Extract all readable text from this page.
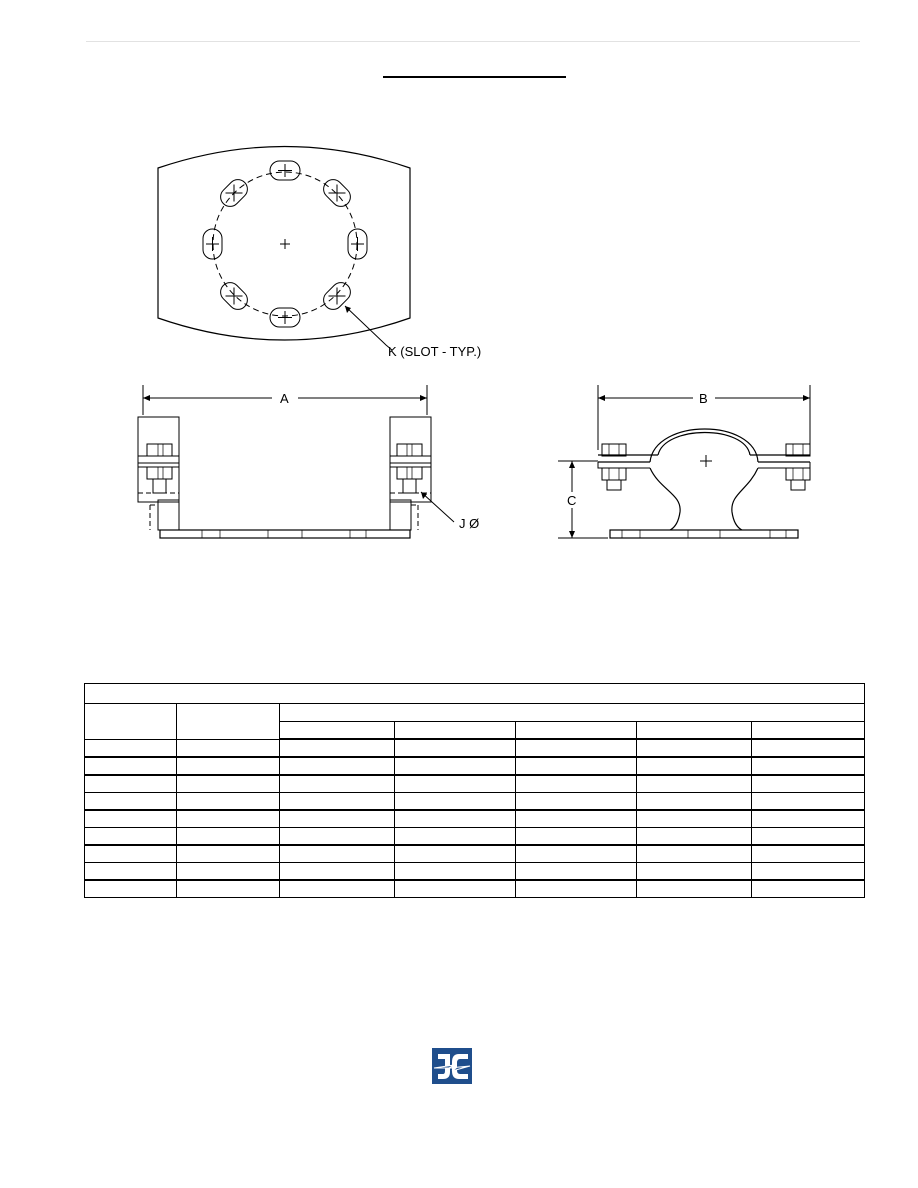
K (SLOT - TYP.)
A
J Ø
B
C
